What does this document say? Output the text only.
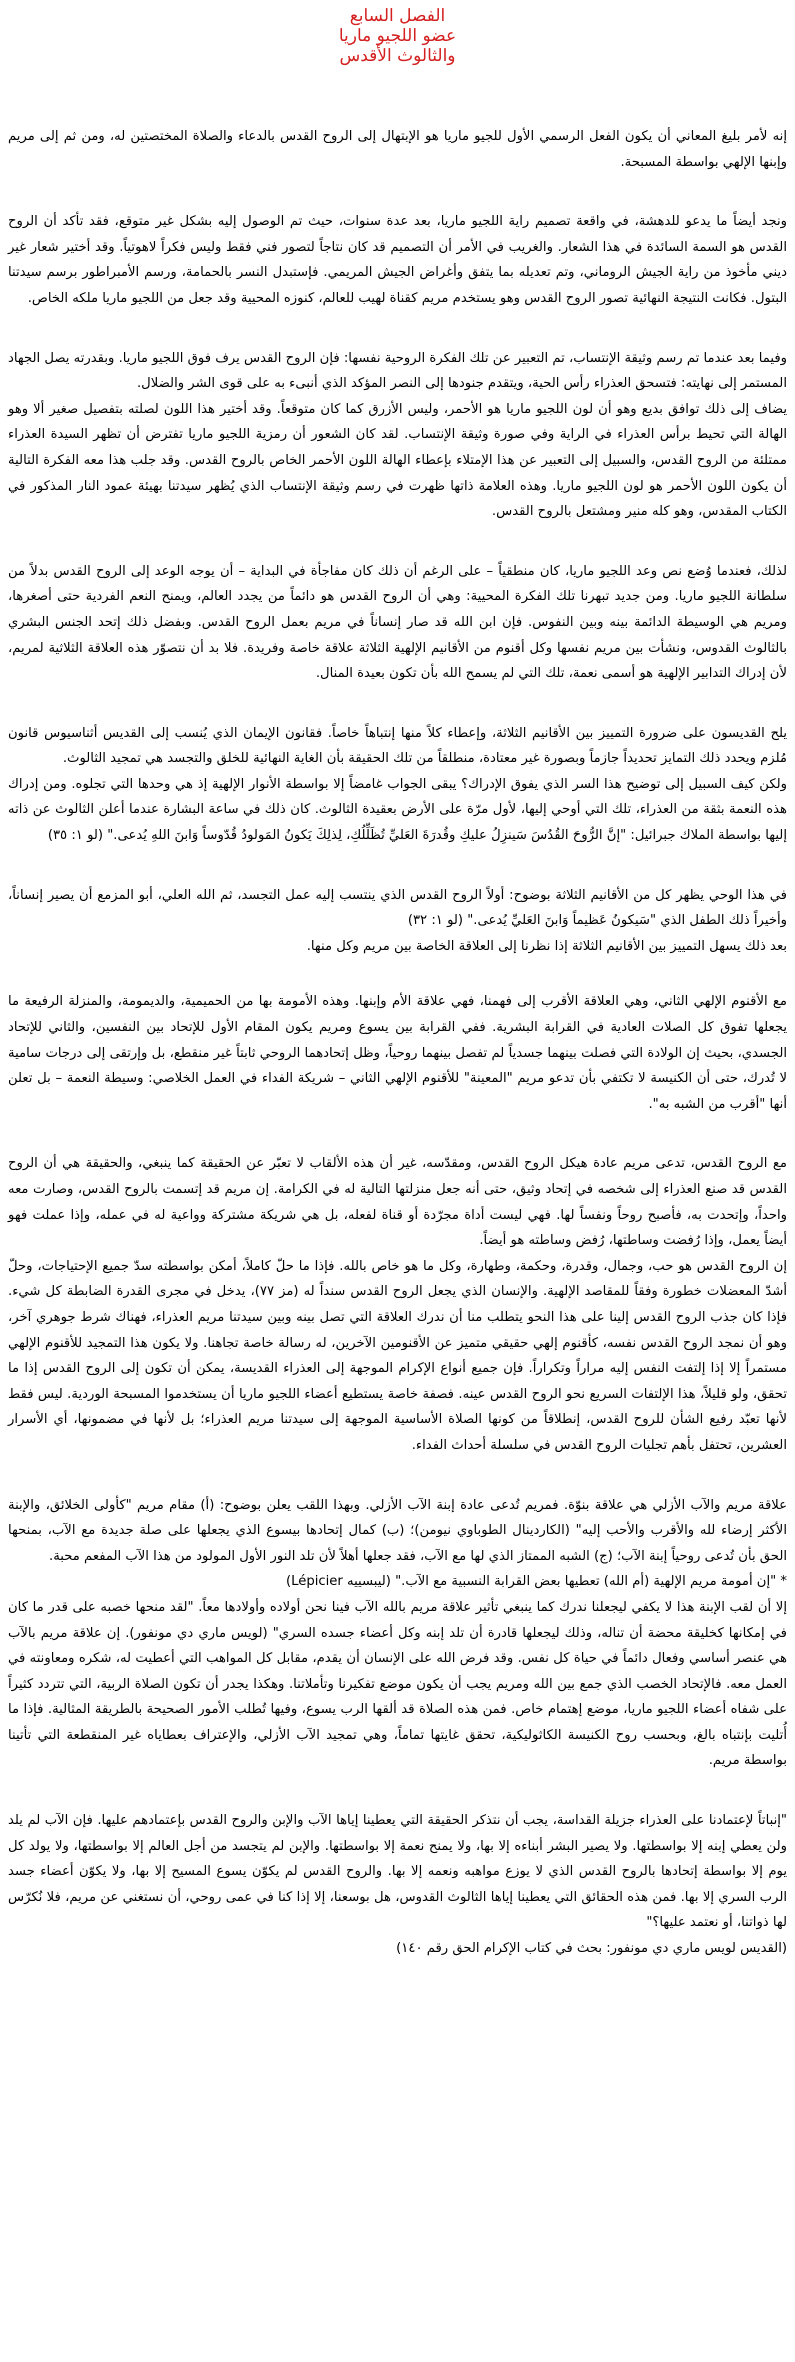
الفصل السابع
عضو اللجيو ماريا
والثالوث الأقدس

إنه لأمر بليغ المعاني أن يكون الفعل الرسمي الأول للجيو ماريا هو الإبتهال إلى الروح القدس بالدعاء والصلاة المختصتين له، ومن ثم إلى مريم وإبنها الإلهي بواسطة المسبحة.

ونجد أيضاً ما يدعو للدهشة، في واقعة تصميم راية اللجيو ماريا، بعد عدة سنوات، حيث تم الوصول إليه بشكل غير متوقع، فقد تأكد أن الروح القدس هو السمة السائدة في هذا الشعار. والغريب في الأمر أن التصميم قد كان نتاجاً لتصور فني فقط وليس فكراً لاهوتياً. وقد أختير شعار غير ديني مأخوذ من راية الجيش الروماني، وتم تعديله بما يتفق وأغراض الجيش المريمي. فإستبدل النسر بالحمامة، ورسم الأمبراطور برسم سيدتنا البتول. فكانت النتيجة النهائية تصور الروح القدس وهو يستخدم مريم كقناة لهيب للعالم، كنوزه المحيية وقد جعل من اللجيو ماريا ملكه الخاص.

وفيما بعد عندما تم رسم وثيقة الإنتساب، تم التعبير عن تلك الفكرة الروحية نفسها: فإن الروح القدس يرف فوق اللجيو ماريا. وبقدرته يصل الجهاد المستمر إلى نهايته: فتسحق العذراء رأس الحية، ويتقدم جنودها إلى النصر المؤكد الذي أنبىء به على قوى الشر والضلال.
يضاف إلى ذلك توافق بديع وهو أن لون اللجيو ماريا هو الأحمر، وليس الأزرق كما كان متوقعاً. وقد أختير هذا اللون لصلته بتفصيل صغير ألا وهو الهالة التي تحيط برأس العذراء في الراية وفي صورة وثيقة الإنتساب. لقد كان الشعور أن رمزية اللجيو ماريا تفترض أن تظهر السيدة العذراء ممتلئة من الروح القدس، والسبيل إلى التعبير عن هذا الإمتلاء بإعطاء الهالة اللون الأحمر الخاص بالروح القدس. وقد جلب هذا معه الفكرة التالية أن يكون اللون الأحمر هو لون اللجيو ماريا. وهذه العلامة ذاتها ظهرت في رسم وثيقة الإنتساب الذي يُظهر سيدتنا بهيئة عمود النار المذكور في الكتاب المقدس، وهو كله منير ومشتعل بالروح القدس.

لذلك، فعندما وُضع نص وعد اللجيو ماريا، كان منطقياً – على الرغم أن ذلك كان مفاجأة في البداية – أن يوجه الوعد إلى الروح القدس بدلاً من سلطانة اللجيو ماريا. ومن جديد تبهرنا تلك الفكرة المحيية: وهي أن الروح القدس هو دائماً من يجدد العالم، ويمنح النعم الفردية حتى أصغرها، ومريم هي الوسيطة الدائمة بينه وبين النفوس. فإن ابن الله قد صار إنساناً في مريم بعمل الروح القدس. وبفضل ذلك إتحد الجنس البشري بالثالوث القدوس، ونشأت بين مريم نفسها وكل أقنوم من الأقانيم الإلهية الثلاثة علاقة خاصة وفريدة. فلا بد أن نتصوّر هذه العلاقة الثلاثية لمريم، لأن إدراك التدابير الإلهية هو أسمى نعمة، تلك التي لم يسمح الله بأن تكون بعيدة المنال.

يلح القديسون على ضرورة التمييز بين الأقانيم الثلاثة، وإعطاء كلاً منها إنتباهاً خاصاً. فقانون الإيمان الذي يُنسب إلى القديس أثناسيوس قانون مُلزم ويحدد ذلك التمايز تحديداً جازماً وبصورة غير معتادة، منطلقاً من تلك الحقيقة بأن الغاية النهائية للخلق والتجسد هي تمجيد الثالوث.
ولكن كيف السبيل إلى توضيح هذا السر الذي يفوق الإدراك؟ يبقى الجواب غامضاً إلا بواسطة الأنوار الإلهية إذ هي وحدها التي تجلوه. ومن إدراك هذه النعمة بثقة من العذراء، تلك التي أوحي إليها، لأول مرّة على الأرض بعقيدة الثالوث. كان ذلك في ساعة البشارة عندما أعلن الثالوث عن ذاته إليها بواسطة الملاك جبرائيل: "إنَّ الرُّوحَ القُدُسَ سَينزِلُ عليكِ وقُدرَةَ العَليِّ تُظَلِّلُكِ، لِذلِكَ يَكونُ المَولودُ قُدّوساً وَابنَ اللهِ يُدعى." (لو ١: ٣٥)

في هذا الوحي يظهر كل من الأقانيم الثلاثة بوضوح: أولاً الروح القدس الذي ينتسب إليه عمل التجسد، ثم الله العلي، أبو المزمع أن يصير إنساناً، وأخيراً ذلك الطفل الذي "سَيكونُ عَظيماً وَابنَ العَليِّ يُدعى." (لو ١: ٣٢)
بعد ذلك يسهل التمييز بين الأقانيم الثلاثة إذا نظرنا إلى العلاقة الخاصة بين مريم وكل منها.

مع الأقنوم الإلهي الثاني، وهي العلاقة الأقرب إلى فهمنا، فهي علاقة الأم وإبنها. وهذه الأمومة بها من الحميمية، والديمومة، والمنزلة الرفيعة ما يجعلها تفوق كل الصلات العادية في القرابة البشرية. ففي القرابة بين يسوع ومريم يكون المقام الأول للإتحاد بين النفسين، والثاني للإتحاد الجسدي، بحيث إن الولادة التي فصلت بينهما جسدياً لم تفصل بينهما روحياً، وظل إتحادهما الروحي ثابتاً غير منقطع، بل وإرتقى إلى درجات سامية لا تُدرك، حتى أن الكنيسة لا تكتفي بأن تدعو مريم "المعينة" للأقنوم الإلهي الثاني – شريكة الفداء في العمل الخلاصي: وسيطة النعمة – بل تعلن أنها "أقرب من الشبه به".

مع الروح القدس، تدعى مريم عادة هيكل الروح القدس، ومقدّسه، غير أن هذه الألقاب لا تعبّر عن الحقيقة كما ينبغي، والحقيقة هي أن الروح القدس قد صنع العذراء إلى شخصه في إتحاد وثيق، حتى أنه جعل منزلتها التالية له في الكرامة. إن مريم قد إتسمت بالروح القدس، وصارت معه واحداً، وإتحدت به، فأصبح روحاً ونفساً لها. فهي ليست أداة مجرّدة أو قناة لفعله، بل هي شريكة مشتركة وواعية له في عمله، وإذا عملت فهو أيضاً يعمل، وإذا رُفضت وساطتها، رُفض وساطته هو أيضاً.
إن الروح القدس هو حب، وجمال، وقدرة، وحكمة، وطهارة، وكل ما هو خاص بالله. فإذا ما حلّ كاملاً، أمكن بواسطته سدّ جميع الإحتياجات، وحلّ أشدّ المعضلات خطورة وفقاً للمقاصد الإلهية. والإنسان الذي يجعل الروح القدس سنداً له (مز ٧٧)، يدخل في مجرى القدرة الضابطة كل شيء. فإذا كان جذب الروح القدس إلينا على هذا النحو يتطلب منا أن ندرك العلاقة التي تصل بينه وبين سيدتنا مريم العذراء، فهناك شرط جوهري آخر، وهو أن نمجد الروح القدس نفسه، كأقنوم إلهي حقيقي متميز عن الأقنومين الآخرين، له رسالة خاصة تجاهنا. ولا يكون هذا التمجيد للأقنوم الإلهي مستمراً إلا إذا إلتفت النفس إليه مراراً وتكراراً. فإن جميع أنواع الإكرام الموجهة إلى العذراء القديسة، يمكن أن تكون إلى الروح القدس إذا ما تحقق، ولو قليلاً، هذا الإلتفات السريع نحو الروح القدس عينه. فصفة خاصة يستطيع أعضاء اللجيو ماريا أن يستخدموا المسبحة الوردية. ليس فقط لأنها تعبّد رفيع الشأن للروح القدس، إنطلاقاً من كونها الصلاة الأساسية الموجهة إلى سيدتنا مريم العذراء؛ بل لأنها في مضمونها، أي الأسرار العشرين، تحتفل بأهم تجليات الروح القدس في سلسلة أحداث الفداء.

علاقة مريم والآب الأزلي هي علاقة بنوّة. فمريم تُدعى عادة إبنة الآب الأزلي. وبهذا اللقب يعلن بوضوح: (أ) مقام مريم "كأولى الخلائق، والإبنة الأكثر إرضاء لله والأقرب والأحب إليه" (الكاردينال الطوباوي نيومن)؛ (ب) كمال إتحادها بيسوع الذي يجعلها على صلة جديدة مع الآب، بمنحها الحق بأن تُدعى روحياً إبنة الآب؛ (ج) الشبه الممتاز الذي لها مع الآب، فقد جعلها أهلاً لأن تلد النور الأول المولود من هذا الآب المفعم محبة.
* "إن أمومة مريم الإلهية (أم الله) تعطيها بعض القرابة النسبية مع الآب." (ليبسييه Lépicier)
إلا أن لقب الإبنة هذا لا يكفي ليجعلنا ندرك كما ينبغي تأثير علاقة مريم بالله الآب فينا نحن أولاده وأولادها معاً. "لقد منحها خصبه على قدر ما كان في إمكانها كخليقة محضة أن تناله، وذلك ليجعلها قادرة أن تلد إبنه وكل أعضاء جسده السري" (لويس ماري دي مونفور). إن علاقة مريم بالآب هي عنصر أساسي وفعال دائماً في حياة كل نفس. وقد فرض الله على الإنسان أن يقدم، مقابل كل المواهب التي أعطيت له، شكره ومعاونته في العمل معه. فالإتحاد الخصب الذي جمع بين الله ومريم يجب أن يكون موضع تفكيرنا وتأملاتنا. وهكذا يجدر أن تكون الصلاة الربية، التي تتردد كثيراً على شفاه أعضاء اللجيو ماريا، موضع إهتمام خاص. فمن هذه الصلاة قد ألقها الرب يسوع، وفيها تُطلب الأمور الصحيحة بالطريقة المثالية. فإذا ما أُتليت بإنتباه بالغ، وبحسب روح الكنيسة الكاثوليكية، تحقق غايتها تماماً، وهي تمجيد الآب الأزلي، والإعتراف بعطاياه غير المنقطعة التي تأتينا بواسطة مريم.

"إنباتاً لإعتمادنا على العذراء جزيلة القداسة، يجب أن نتذكر الحقيقة التي يعطينا إياها الآب والإبن والروح القدس بإعتمادهم عليها. فإن الآب لم يلد ولن يعطي إبنه إلا بواسطتها. ولا يصير البشر أبناءه إلا بها، ولا يمنح نعمة إلا بواسطتها. والإبن لم يتجسد من أجل العالم إلا بواسطتها، ولا يولد كل يوم إلا بواسطة إتحادها بالروح القدس الذي لا يوزع مواهبه ونعمه إلا بها. والروح القدس لم يكوّن يسوع المسيح إلا بها، ولا يكوّن أعضاء جسد الرب السري إلا بها. فمن هذه الحقائق التي يعطينا إياها الثالوث القدوس، هل بوسعنا، إلا إذا كنا في عمى روحي، أن نستغني عن مريم، فلا نُكرّس لها ذواتنا، أو نعتمد عليها؟"
(القديس لويس ماري دي مونفور: بحث في كتاب الإكرام الحق رقم ١٤٠)
